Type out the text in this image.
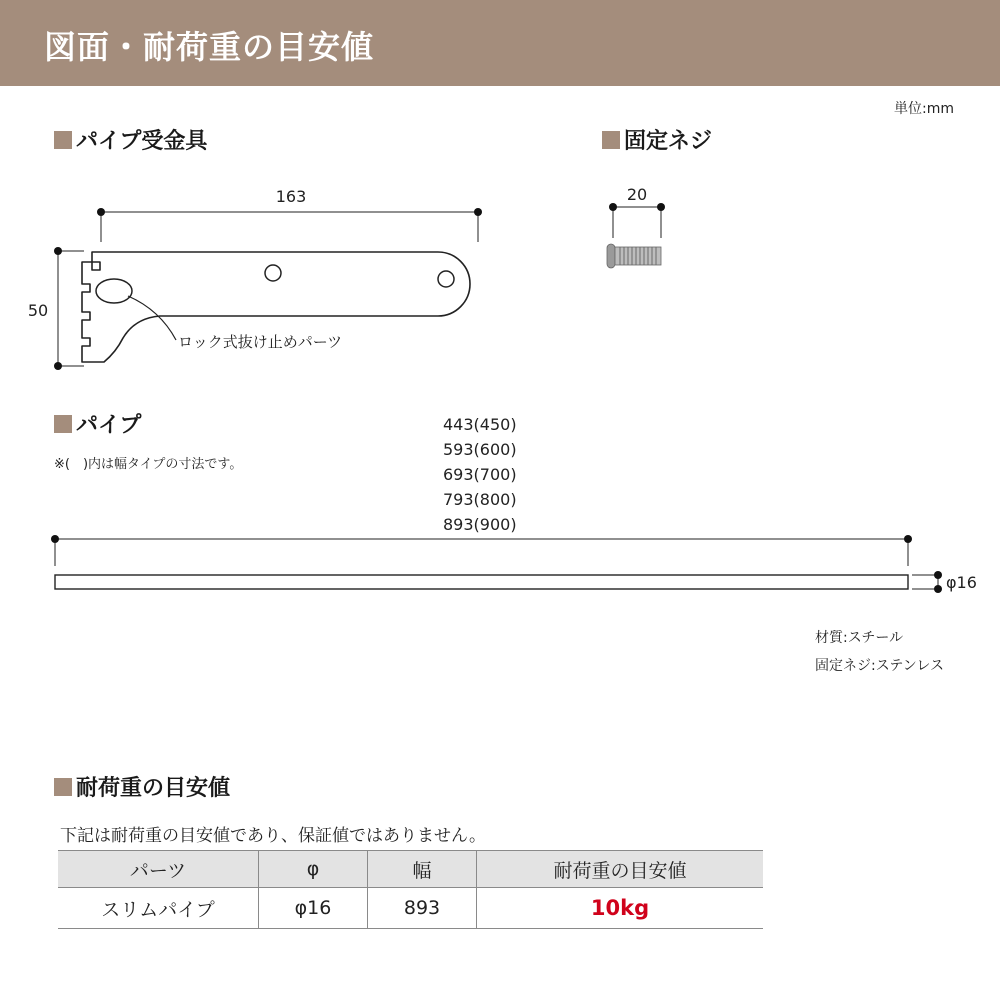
図面・耐荷重の目安値
単位:mm
パイプ受金具	固定ネジ
パイプ
耐荷重の目安値
163
50
ロック式抜け止めパーツ
20
φ16
※(　)内は幅タイプの寸法です。
443(450)
593(600)
693(700)
793(800)
893(900)
材質:スチール
固定ネジ:ステンレス
下記は耐荷重の目安値であり、保証値ではありません。
パーツ	φ	幅	耐荷重の目安値
スリムパイプ	φ16	893	10kg
